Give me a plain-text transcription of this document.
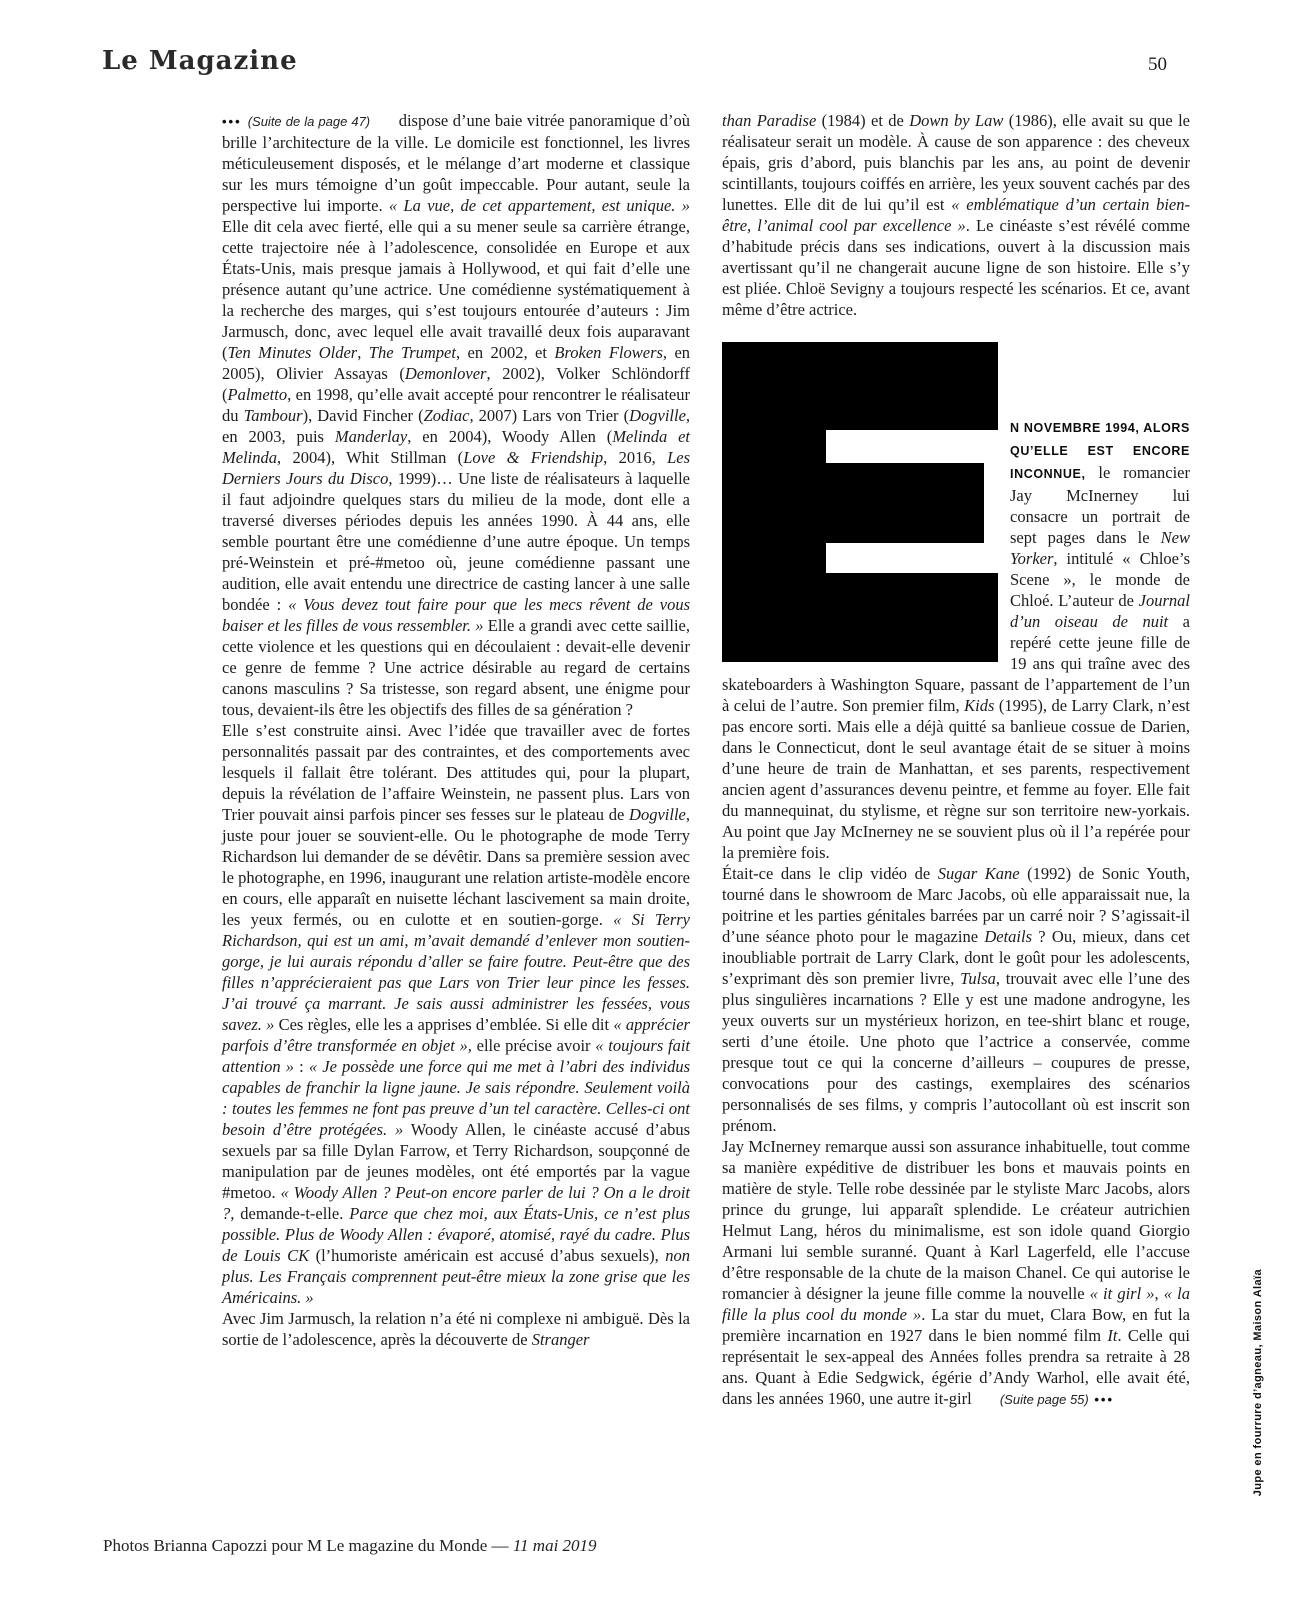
Le Magazine	50

••• (Suite de la page 47) dispose d’une baie vitrée panoramique d’où brille l’architecture de la ville. Le domicile est fonctionnel, les livres méticuleusement disposés, et le mélange d’art moderne et classique sur les murs témoigne d’un goût impeccable. Pour autant, seule la perspective lui importe. « La vue, de cet appartement, est unique. » Elle dit cela avec fierté, elle qui a su mener seule sa carrière étrange, cette trajectoire née à l’adolescence, consolidée en Europe et aux États-Unis, mais presque jamais à Hollywood, et qui fait d’elle une présence autant qu’une actrice. Une comédienne systématiquement à la recherche des marges, qui s’est toujours entourée d’auteurs : Jim Jarmusch, donc, avec lequel elle avait travaillé deux fois auparavant (Ten Minutes Older, The Trumpet, en 2002, et Broken Flowers, en 2005), Olivier Assayas (Demonlover, 2002), Volker Schlöndorff (Palmetto, en 1998, qu’elle avait accepté pour rencontrer le réalisateur du Tambour), David Fincher (Zodiac, 2007) Lars von Trier (Dogville, en 2003, puis Manderlay, en 2004), Woody Allen (Melinda et Melinda, 2004), Whit Stillman (Love & Friendship, 2016, Les Derniers Jours du Disco, 1999)… Une liste de réalisateurs à laquelle il faut adjoindre quelques stars du milieu de la mode, dont elle a traversé diverses périodes depuis les années 1990. À 44 ans, elle semble pourtant être une comédienne d’une autre époque. Un temps pré-Weinstein et pré-#metoo où, jeune comédienne passant une audition, elle avait entendu une directrice de casting lancer à une salle bondée : « Vous devez tout faire pour que les mecs rêvent de vous baiser et les filles de vous ressembler. » Elle a grandi avec cette saillie, cette violence et les questions qui en découlaient : devait-elle devenir ce genre de femme ? Une actrice désirable au regard de certains canons masculins ? Sa tristesse, son regard absent, une énigme pour tous, devaient-ils être les objectifs des filles de sa génération ?

Elle s’est construite ainsi. Avec l’idée que travailler avec de fortes personnalités passait par des contraintes, et des comportements avec lesquels il fallait être tolérant. Des attitudes qui, pour la plupart, depuis la révélation de l’affaire Weinstein, ne passent plus. Lars von Trier pouvait ainsi parfois pincer ses fesses sur le plateau de Dogville, juste pour jouer se souvient-elle. Ou le photographe de mode Terry Richardson lui demander de se dévêtir. Dans sa première session avec le photographe, en 1996, inaugurant une relation artiste-modèle encore en cours, elle apparaît en nuisette léchant lascivement sa main droite, les yeux fermés, ou en culotte et en soutien-gorge. « Si Terry Richardson, qui est un ami, m’avait demandé d’enlever mon soutien-gorge, je lui aurais répondu d’aller se faire foutre. Peut-être que des filles n’apprécieraient pas que Lars von Trier leur pince les fesses. J’ai trouvé ça marrant. Je sais aussi administrer les fessées, vous savez. » Ces règles, elle les a apprises d’emblée. Si elle dit « apprécier parfois d’être transformée en objet », elle précise avoir « toujours fait attention » : « Je possède une force qui me met à l’abri des individus capables de franchir la ligne jaune. Je sais répondre. Seulement voilà : toutes les femmes ne font pas preuve d’un tel caractère. Celles-ci ont besoin d’être protégées. » Woody Allen, le cinéaste accusé d’abus sexuels par sa fille Dylan Farrow, et Terry Richardson, soupçonné de manipulation par de jeunes modèles, ont été emportés par la vague #metoo. « Woody Allen ? Peut-on encore parler de lui ? On a le droit ?, demande-t-elle. Parce que chez moi, aux États-Unis, ce n’est plus possible. Plus de Woody Allen : évaporé, atomisé, rayé du cadre. Plus de Louis CK (l’humoriste américain est accusé d’abus sexuels), non plus. Les Français comprennent peut-être mieux la zone grise que les Américains. »

Avec Jim Jarmusch, la relation n’a été ni complexe ni ambiguë. Dès la sortie de l’adolescence, après la découverte de Stranger

than Paradise (1984) et de Down by Law (1986), elle avait su que le réalisateur serait un modèle. À cause de son apparence : des cheveux épais, gris d’abord, puis blanchis par les ans, au point de devenir scintillants, toujours coiffés en arrière, les yeux souvent cachés par des lunettes. Elle dit de lui qu’il est « emblématique d’un certain bien-être, l’animal cool par excellence ». Le cinéaste s’est révélé comme d’habitude précis dans ses indications, ouvert à la discussion mais avertissant qu’il ne changerait aucune ligne de son histoire. Elle s’y est pliée. Chloë Sevigny a toujours respecté les scénarios. Et ce, avant même d’être actrice.

N NOVEMBRE 1994, ALORS QU’ELLE EST ENCORE INCONNUE, le romancier Jay McInerney lui consacre un portrait de sept pages dans le New Yorker, intitulé « Chloe’s Scene », le monde de Chloé. L’auteur de Journal d’un oiseau de nuit a repéré cette jeune fille de 19 ans qui traîne avec des skateboarders à Washington Square, passant de l’appartement de l’un à celui de l’autre. Son premier film, Kids (1995), de Larry Clark, n’est pas encore sorti. Mais elle a déjà quitté sa banlieue cossue de Darien, dans le Connecticut, dont le seul avantage était de se situer à moins d’une heure de train de Manhattan, et ses parents, respectivement ancien agent d’assurances devenu peintre, et femme au foyer. Elle fait du mannequinat, du stylisme, et règne sur son territoire new-yorkais. Au point que Jay McInerney ne se souvient plus où il l’a repérée pour la première fois.

Était-ce dans le clip vidéo de Sugar Kane (1992) de Sonic Youth, tourné dans le showroom de Marc Jacobs, où elle apparaissait nue, la poitrine et les parties génitales barrées par un carré noir ? S’agissait-il d’une séance photo pour le magazine Details ? Ou, mieux, dans cet inoubliable portrait de Larry Clark, dont le goût pour les adolescents, s’exprimant dès son premier livre, Tulsa, trouvait avec elle l’une des plus singulières incarnations ? Elle y est une madone androgyne, les yeux ouverts sur un mystérieux horizon, en tee-shirt blanc et rouge, serti d’une étoile. Une photo que l’actrice a conservée, comme presque tout ce qui la concerne d’ailleurs – coupures de presse, convocations pour des castings, exemplaires des scénarios personnalisés de ses films, y compris l’autocollant où est inscrit son prénom.

Jay McInerney remarque aussi son assurance inhabituelle, tout comme sa manière expéditive de distribuer les bons et mauvais points en matière de style. Telle robe dessinée par le styliste Marc Jacobs, alors prince du grunge, lui apparaît splendide. Le créateur autrichien Helmut Lang, héros du minimalisme, est son idole quand Giorgio Armani lui semble suranné. Quant à Karl Lagerfeld, elle l’accuse d’être responsable de la chute de la maison Chanel. Ce qui autorise le romancier à désigner la jeune fille comme la nouvelle « it girl », « la fille la plus cool du monde ». La star du muet, Clara Bow, en fut la première incarnation en 1927 dans le bien nommé film It. Celle qui représentait le sex-appeal des Années folles prendra sa retraite à 28 ans. Quant à Edie Sedgwick, égérie d’Andy Warhol, elle avait été, dans les années 1960, une autre it-girl (Suite page 55) •••	Jupe en fourrure d’agneau, Maison Alaïa
Photos Brianna Capozzi pour M Le magazine du Monde — 11 mai 2019
